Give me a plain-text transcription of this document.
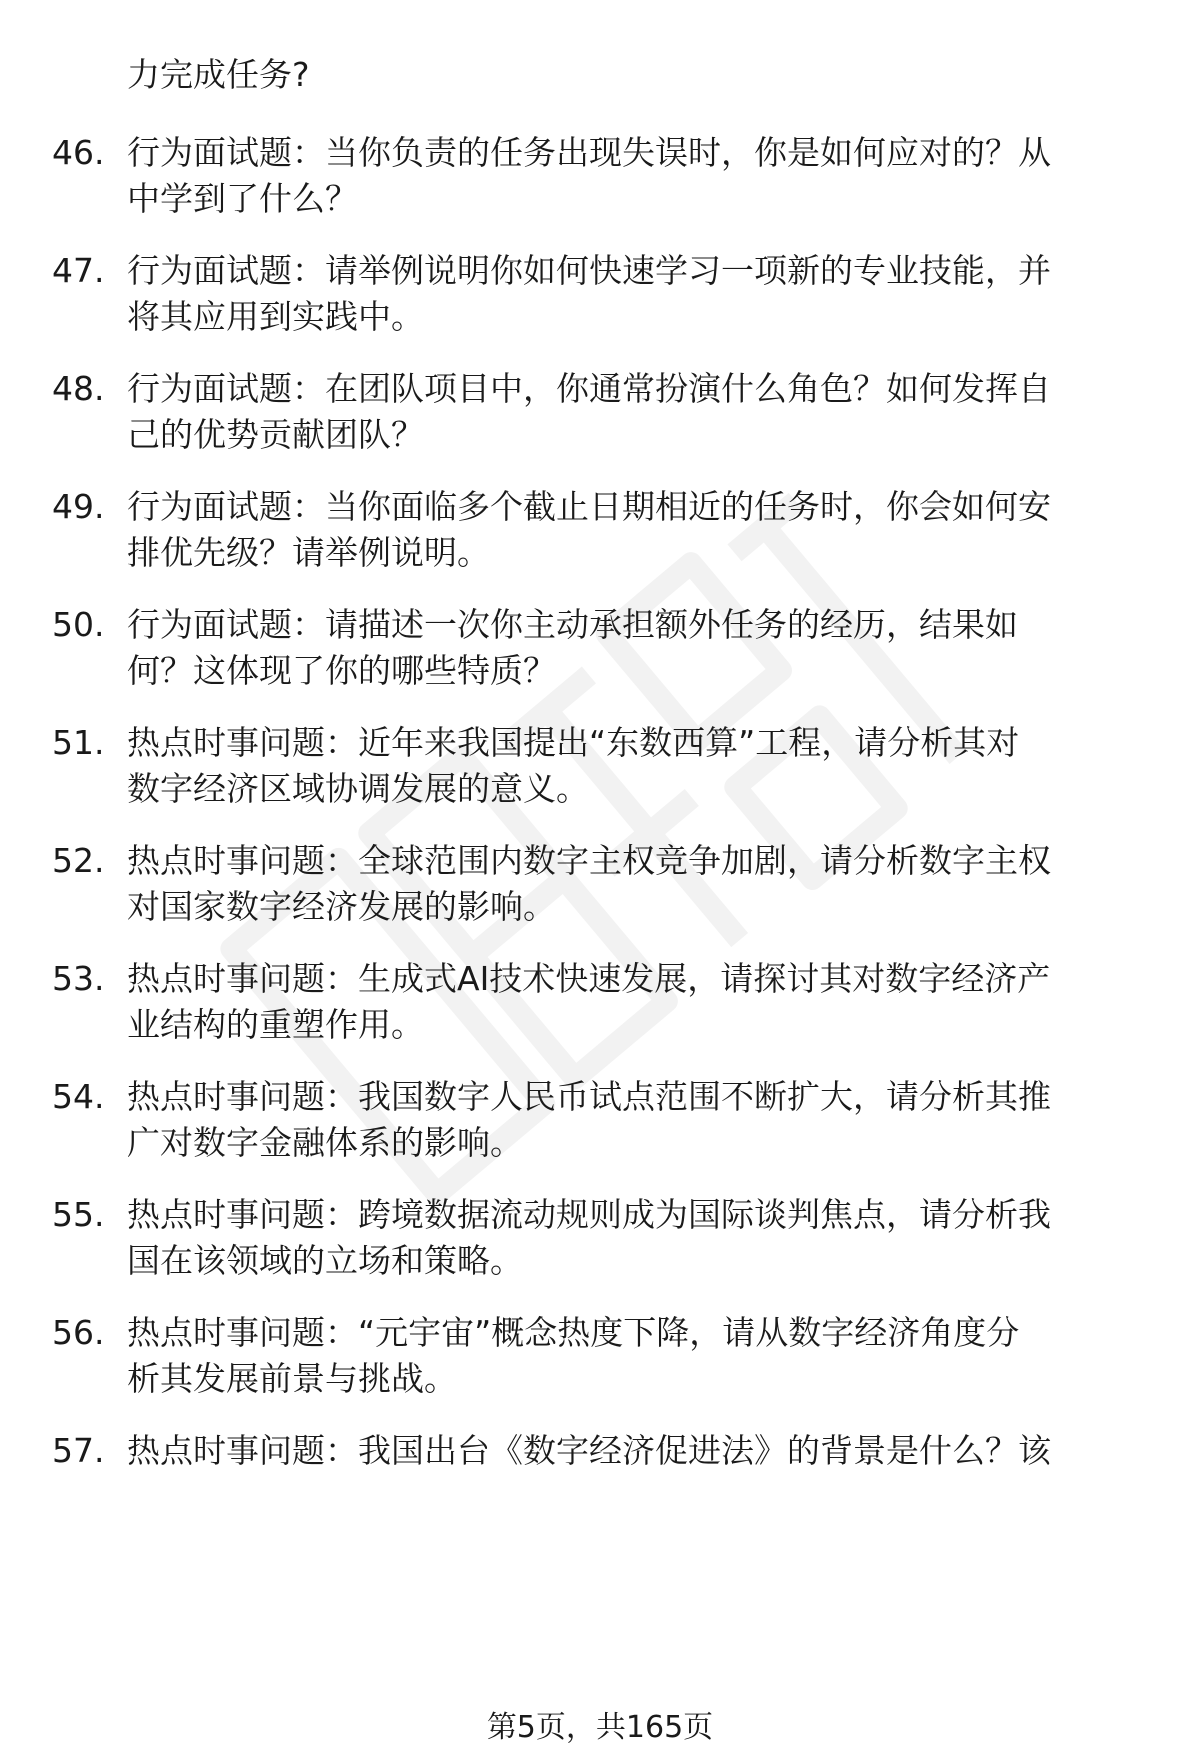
力完成任务?
46. 行为面试题：当你负责的任务出现失误时，你是如何应对的？从
中学到了什么？
47. 行为面试题：请举例说明你如何快速学习一项新的专业技能，并
将其应用到实践中。
48. 行为面试题：在团队项目中，你通常扮演什么角色？如何发挥自
己的优势贡献团队？
49. 行为面试题：当你面临多个截止日期相近的任务时，你会如何安
排优先级？请举例说明。
50. 行为面试题：请描述一次你主动承担额外任务的经历，结果如
何？这体现了你的哪些特质？
51. 热点时事问题：近年来我国提出“东数西算”工程，请分析其对
数字经济区域协调发展的意义。
52. 热点时事问题：全球范围内数字主权竞争加剧，请分析数字主权
对国家数字经济发展的影响。
53. 热点时事问题：生成式AI技术快速发展，请探讨其对数字经济产
业结构的重塑作用。
54. 热点时事问题：我国数字人民币试点范围不断扩大，请分析其推
广对数字金融体系的影响。
55. 热点时事问题：跨境数据流动规则成为国际谈判焦点，请分析我
国在该领域的立场和策略。
56. 热点时事问题：“元宇宙”概念热度下降，请从数字经济角度分
析其发展前景与挑战。
57. 热点时事问题：我国出台《数字经济促进法》的背景是什么？该
第5页，共165页
